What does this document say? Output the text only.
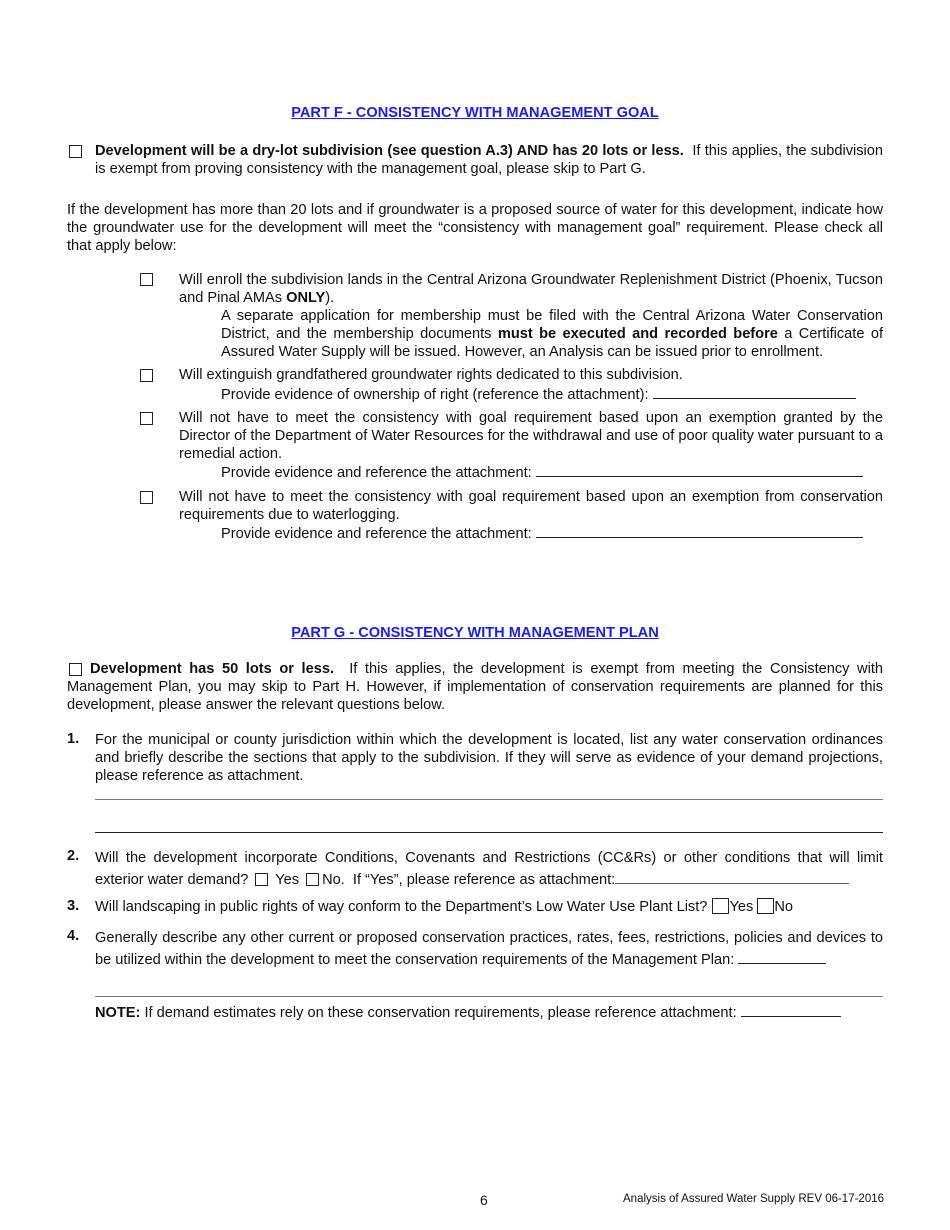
PART F - CONSISTENCY WITH MANAGEMENT GOAL
Development will be a dry-lot subdivision (see question A.3) AND has 20 lots or less. If this applies, the subdivision is exempt from proving consistency with the management goal, please skip to Part G.
If the development has more than 20 lots and if groundwater is a proposed source of water for this development, indicate how the groundwater use for the development will meet the “consistency with management goal” requirement. Please check all that apply below:
Will enroll the subdivision lands in the Central Arizona Groundwater Replenishment District (Phoenix, Tucson and Pinal AMAs ONLY).
A separate application for membership must be filed with the Central Arizona Water Conservation District, and the membership documents must be executed and recorded before a Certificate of Assured Water Supply will be issued. However, an Analysis can be issued prior to enrollment.
Will extinguish grandfathered groundwater rights dedicated to this subdivision.
Provide evidence of ownership of right (reference the attachment):
Will not have to meet the consistency with goal requirement based upon an exemption granted by the Director of the Department of Water Resources for the withdrawal and use of poor quality water pursuant to a remedial action.
Provide evidence and reference the attachment:
Will not have to meet the consistency with goal requirement based upon an exemption from conservation requirements due to waterlogging.
Provide evidence and reference the attachment:
PART G - CONSISTENCY WITH MANAGEMENT PLAN
Development has 50 lots or less. If this applies, the development is exempt from meeting the Consistency with Management Plan, you may skip to Part H. However, if implementation of conservation requirements are planned for this development, please answer the relevant questions below.
1. For the municipal or county jurisdiction within which the development is located, list any water conservation ordinances and briefly describe the sections that apply to the subdivision. If they will serve as evidence of your demand projections, please reference as attachment.
2. Will the development incorporate Conditions, Covenants and Restrictions (CC&Rs) or other conditions that will limit exterior water demand? Yes No. If “Yes”, please reference as attachment:
3. Will landscaping in public rights of way conform to the Department’s Low Water Use Plant List? Yes No
4. Generally describe any other current or proposed conservation practices, rates, fees, restrictions, policies and devices to be utilized within the development to meet the conservation requirements of the Management Plan:
NOTE: If demand estimates rely on these conservation requirements, please reference attachment:
6	Analysis of Assured Water Supply REV 06-17-2016
